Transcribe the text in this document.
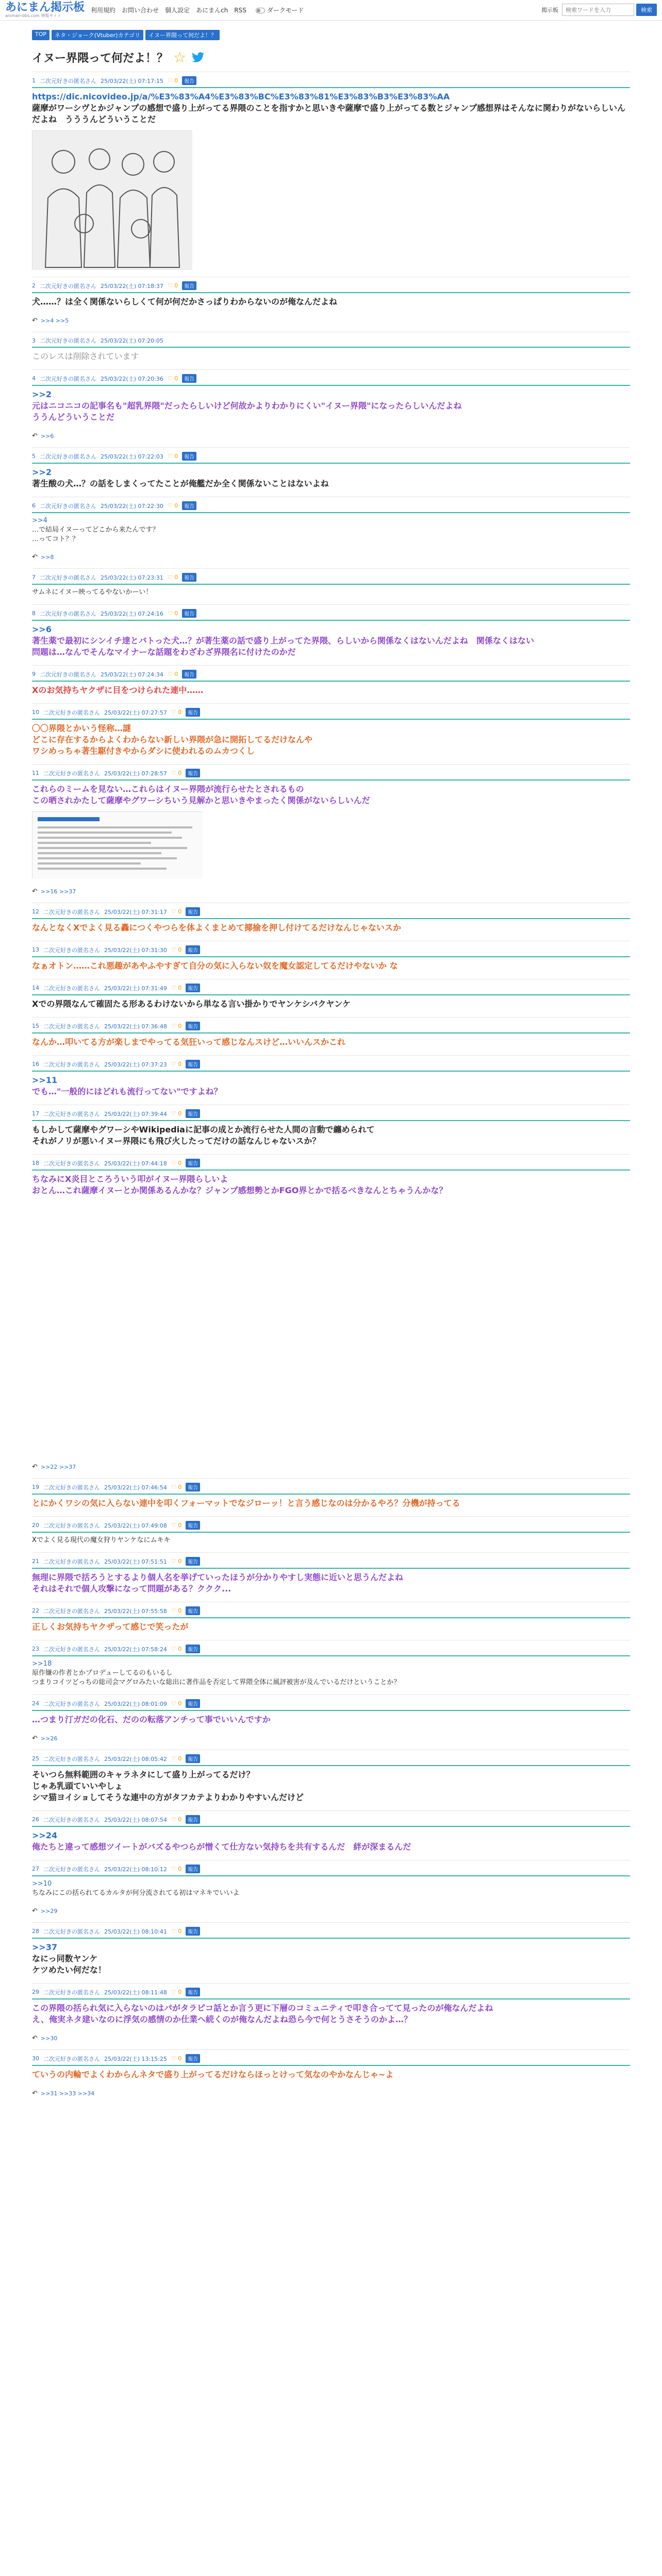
あにまん掲示板
animan-bbs.com 情報サイト
利用規約 お問い合わせ 個人設定 あにまんch RSS	ダークモード	掲示板
検索ワードを入力	検索
TOP	ネタ・ジョーク(Vtuber)カテゴリ	イヌー界隈って何だよ！？
イヌー界隈って何だよ！？ ☆
1 二次元好きの匿名さん 25/03/22(土) 07:17:15 ♡ 0	報告
https://dic.nicovideo.jp/a/%E3%83%A4%E3%83%BC%E3%83%81%E3%83%B3%E3%83%AA
薩摩がワーシヴとかジャンプの感想で盛り上がってる界隈のことを指すかと思いきや薩摩で盛り上がってる数とジャンプ感想界はそんなに関わりがないらしいんだよね　うううんどういうことだ
2 二次元好きの匿名さん 25/03/22(土) 07:18:37 ♡ 0	報告
犬……？は全く関係ないらしくて何が何だかさっぱりわからないのが俺なんだよね
↶ >>4 >>5
3 二次元好きの匿名さん 25/03/22(土) 07:20:05
このレスは削除されています
4 二次元好きの匿名さん 25/03/22(土) 07:20:36 ♡ 0	報告
>>2
元はニコニコの記事名も"超乳界隈"だったらしいけど何故かよりわかりにくい"イヌー界隈"になったらしいんだよね
ううんどういうことだ
↶ >>6
5 二次元好きの匿名さん 25/03/22(土) 07:22:03 ♡ 0	報告
>>2
著生酸の犬…？の話をしまくってたことが俺艦だか全く関係ないことはないよね
6 二次元好きの匿名さん 25/03/22(土) 07:22:30 ♡ 0	報告
>>4
…で結局イヌーってどこから来たんです？
…ってコト？？
↶ >>8
7 二次元好きの匿名さん 25/03/22(土) 07:23:31 ♡ 0	報告
サムネにイヌー映ってるやないかーい！
8 二次元好きの匿名さん 25/03/22(土) 07:24:16 ♡ 0	報告
>>6
著生薬で最初にシンイチ達とバトった犬…？が著生薬の話で盛り上がってた界隈、らしいから関係なくはないんだよね　関係なくはない
問題は…なんでそんなマイナーな話題をわざわざ界隈名に付けたのかだ
9 二次元好きの匿名さん 25/03/22(土) 07:24:34 ♡ 0	報告
Xのお気持ちヤクザに目をつけられた連中……
10 二次元好きの匿名さん 25/03/22(土) 07:27:57 ♡ 0	報告
〇〇界隈とかいう怪称…謎
どこに存在するからよくわからない新しい界隈が急に開拓してるだけなんや
ワシめっちゃ著生駆付きやからダシに使われるのムカつくし
11 二次元好きの匿名さん 25/03/22(土) 07:28:57 ♡ 0	報告
これらのミームを見ない…これらはイヌー界隈が流行らせたとされるもの
この晒されかたして薩摩やグワーシちいう見解かと思いきやまったく関係がないらしいんだ
↶ >>16 >>37
12 二次元好きの匿名さん 25/03/22(土) 07:31:17 ♡ 0	報告
なんとなくXでよく見る轟につくやつらを体よくまとめて揶揄を押し付けてるだけなんじゃないスか
13 二次元好きの匿名さん 25/03/22(土) 07:31:30 ♡ 0	報告
なぁオトン……これ悪趣があやふやすぎて自分の気に入らない奴を魔女認定してるだけやないか な
14 二次元好きの匿名さん 25/03/22(土) 07:31:49 ♡ 0	報告
Xでの界隈なんて確固たる形あるわけないから単なる言い掛かりでヤンケシバクヤンケ
15 二次元好きの匿名さん 25/03/22(土) 07:36:48 ♡ 0	報告
なんか…叩いてる方が楽しまでやってる気狂いって感じなんスけど…いいんスかこれ
16 二次元好きの匿名さん 25/03/22(土) 07:37:23 ♡ 0	報告
>>11
でも…"一般的にはどれも流行ってない"ですよね？
17 二次元好きの匿名さん 25/03/22(土) 07:39:44 ♡ 0	報告
もしかして薩摩やグワーシやWikipediaに記事の成とか流行らせた人間の言動で纏められて
それがノリが悪いイヌー界隈にも飛び火したってだけの話なんじゃないスか？
18 二次元好きの匿名さん 25/03/22(土) 07:44:18 ♡ 0	報告
ちなみにX炎目ところういう叩がイヌー界隈らしいよ
おとん…これ薩摩イヌーとか関係あるんかな？ジャンプ感想勢とかFGO界とかで括るべきなんとちゃうんかな？
↶ >>22 >>37
19 二次元好きの匿名さん 25/03/22(土) 07:46:54 ♡ 0	報告
とにかくワシの気に入らない連中を叩くフォーマットでなジローッ！と言う感じなのは分かるやろ？分機が持ってる
20 二次元好きの匿名さん 25/03/22(土) 07:49:08 ♡ 0	報告
Xでよく見る現代の魔女狩りヤンケなにムキキ
21 二次元好きの匿名さん 25/03/22(土) 07:51:51 ♡ 0	報告
無理に界隈で括ろうとするより個人名を挙げていったほうが分かりやすし実態に近いと思うんだよね
それはそれで個人攻撃になって問題がある？ククク...
22 二次元好きの匿名さん 25/03/22(土) 07:55:58 ♡ 0	報告
正しくお気持ちヤクザって感じで笑ったが
23 二次元好きの匿名さん 25/03/22(土) 07:58:24 ♡ 0	報告
>>18
原作嫌の作者とかプロデューしてるのもいるし
つまりコイツどっちの総司会マグロみたいな総出に著作品を否定して界隈全体に風評被害が及んでいるだけということか？
24 二次元好きの匿名さん 25/03/22(土) 08:01:09 ♡ 0	報告
…つまり汀ガだの化石、だのの転落アンチって事でいいんですか
↶ >>26
25 二次元好きの匿名さん 25/03/22(土) 08:05:42 ♡ 0	報告
そいつら無料範囲のキャラネタにして盛り上がってるだけ？
じゃあ乳頭ていいやしょ
シマ猫ヨイショしてそうな連中の方がタフカテよりわかりやすいんだけど
26 二次元好きの匿名さん 25/03/22(土) 08:07:54 ♡ 0	報告
>>24
俺たちと違って感想ツイートがバズるやつらが憎くて仕方ない気持ちを共有するんだ　絆が深まるんだ
27 二次元好きの匿名さん 25/03/22(土) 08:10:12 ♡ 0	報告
>>10
ちなみにこの括られてるカルタが何分流されてる初はマネキでいいよ
↶ >>29
28 二次元好きの匿名さん 25/03/22(土) 08:10:41 ♡ 0	報告
>>37
なにっ同数ヤンケ
ケツめたい何だな！
29 二次元好きの匿名さん 25/03/22(土) 08:11:48 ♡ 0	報告
この界隈の括られ気に入らないのはパがタラピコ話とか言う更に下層のコミュニティで叩き合ってて見ったのが俺なんだよね
え、俺実ネタ建いなのに浮気の感情のか仕業へ続くのが俺なんだよね恐ら今で何とうさそうのかよ…？
↶ >>30
30 二次元好きの匿名さん 25/03/22(土) 13:15:25 ♡ 0	報告
ていうの内輪でよくわからんネタで盛り上がってるだけならほっとけって気なのやかなんじゃ~よ
↶ >>31 >>33 >>34
